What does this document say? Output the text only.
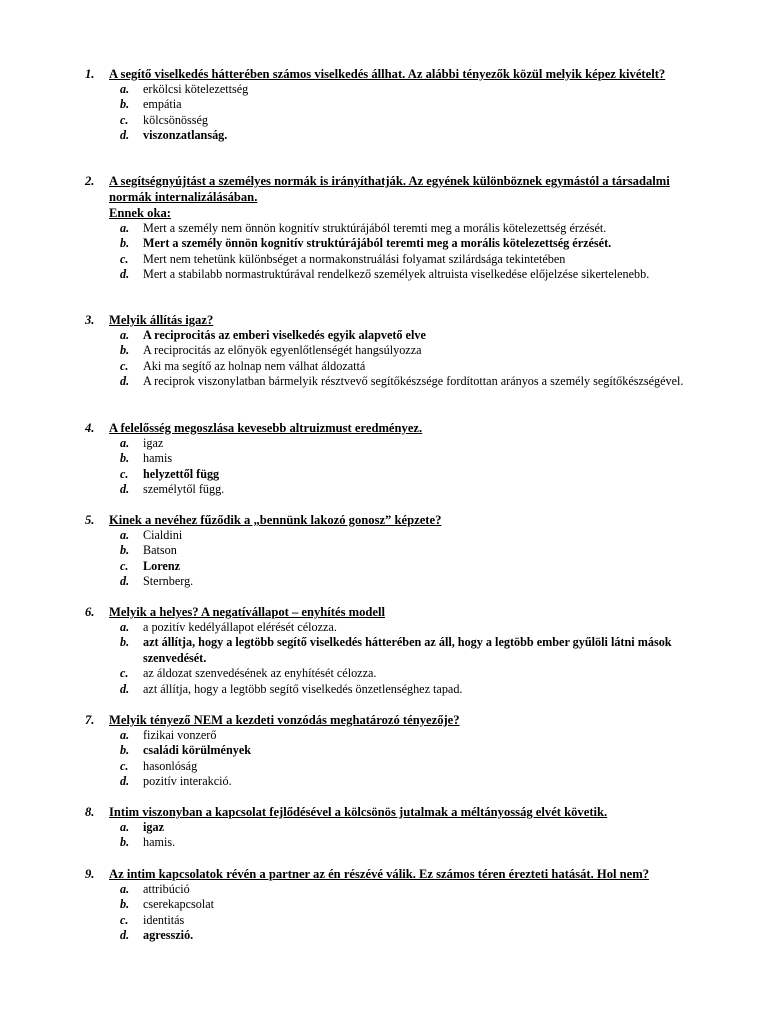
1. A segítő viselkedés hátterében számos viselkedés állhat. Az alábbi tényezők közül melyik képez kivételt?
a. erkölcsi kötelezettség
b. empátia
c. kölcsönösség
d. viszonzatlanság.
2. A segítségnyújtást a személyes normák is irányíthatják. Az egyének különböznek egymástól a társadalmi normák internalizálásában.
Ennek oka:
a. Mert a személy nem önnön kognitív struktúrájából teremti meg a morális kötelezettség érzését.
b. Mert a személy önnön kognitív struktúrájából teremti meg a morális kötelezettség érzését.
c. Mert nem tehetünk különbséget a normakonstruálási folyamat szilárdsága tekintetében
d. Mert a stabilabb normastruktúrával rendelkező személyek altruista viselkedése előjelzése sikertelenebb.
3. Melyik állítás igaz?
a. A reciprocitás az emberi viselkedés egyik alapvető elve
b. A reciprocitás az előnyök egyenlőtlenségét hangsúlyozza
c. Aki ma segítő az holnap nem válhat áldozattá
d. A reciprok viszonylatban bármelyik résztvevő segítőkészsége fordítottan arányos a személy segítőkészségével.
4. A felelősség megoszlása kevesebb altruizmust eredményez.
a. igaz
b. hamis
c. helyzettől függ
d. személytől függ.
5. Kinek a nevéhez fűződik a „bennünk lakozó gonosz” képzete?
a. Cialdini
b. Batson
c. Lorenz
d. Sternberg.
6. Melyik a helyes? A negatívállapot – enyhítés modell
a. a pozitív kedélyállapot elérését célozza.
b. azt állítja, hogy a legtöbb segítő viselkedés hátterében az áll, hogy a legtöbb ember gyűlöli látni mások szenvedését.
c. az áldozat szenvedésének az enyhítését célozza.
d. azt állítja, hogy a legtöbb segítő viselkedés önzetlenséghez tapad.
7. Melyik tényező NEM a kezdeti vonzódás meghatározó tényezője?
a. fizikai vonzerő
b. családi körülmények
c. hasonlóság
d. pozitív interakció.
8. Intim viszonyban a kapcsolat fejlődésével a kölcsönös jutalmak a méltányosság elvét követik.
a. igaz
b. hamis.
9. Az intim kapcsolatok révén a partner az én részévé válik. Ez számos téren érezteti hatását. Hol nem?
a. attribúció
b. cserekapcsolat
c. identitás
d. agresszió.
